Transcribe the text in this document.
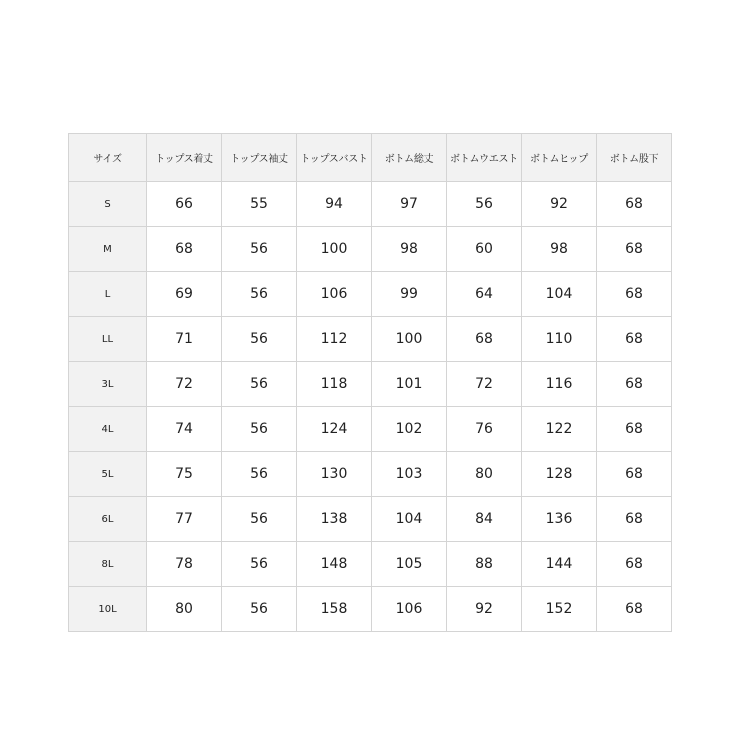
サイズ	トップス着丈	トップス袖丈	トップスバスト	ボトム総丈	ボトムウエスト	ボトムヒップ	ボトム股下
S	66	55	94	97	56	92	68
M	68	56	100	98	60	98	68
L	69	56	106	99	64	104	68
LL	71	56	112	100	68	110	68
3L	72	56	118	101	72	116	68
4L	74	56	124	102	76	122	68
5L	75	56	130	103	80	128	68
6L	77	56	138	104	84	136	68
8L	78	56	148	105	88	144	68
10L	80	56	158	106	92	152	68
